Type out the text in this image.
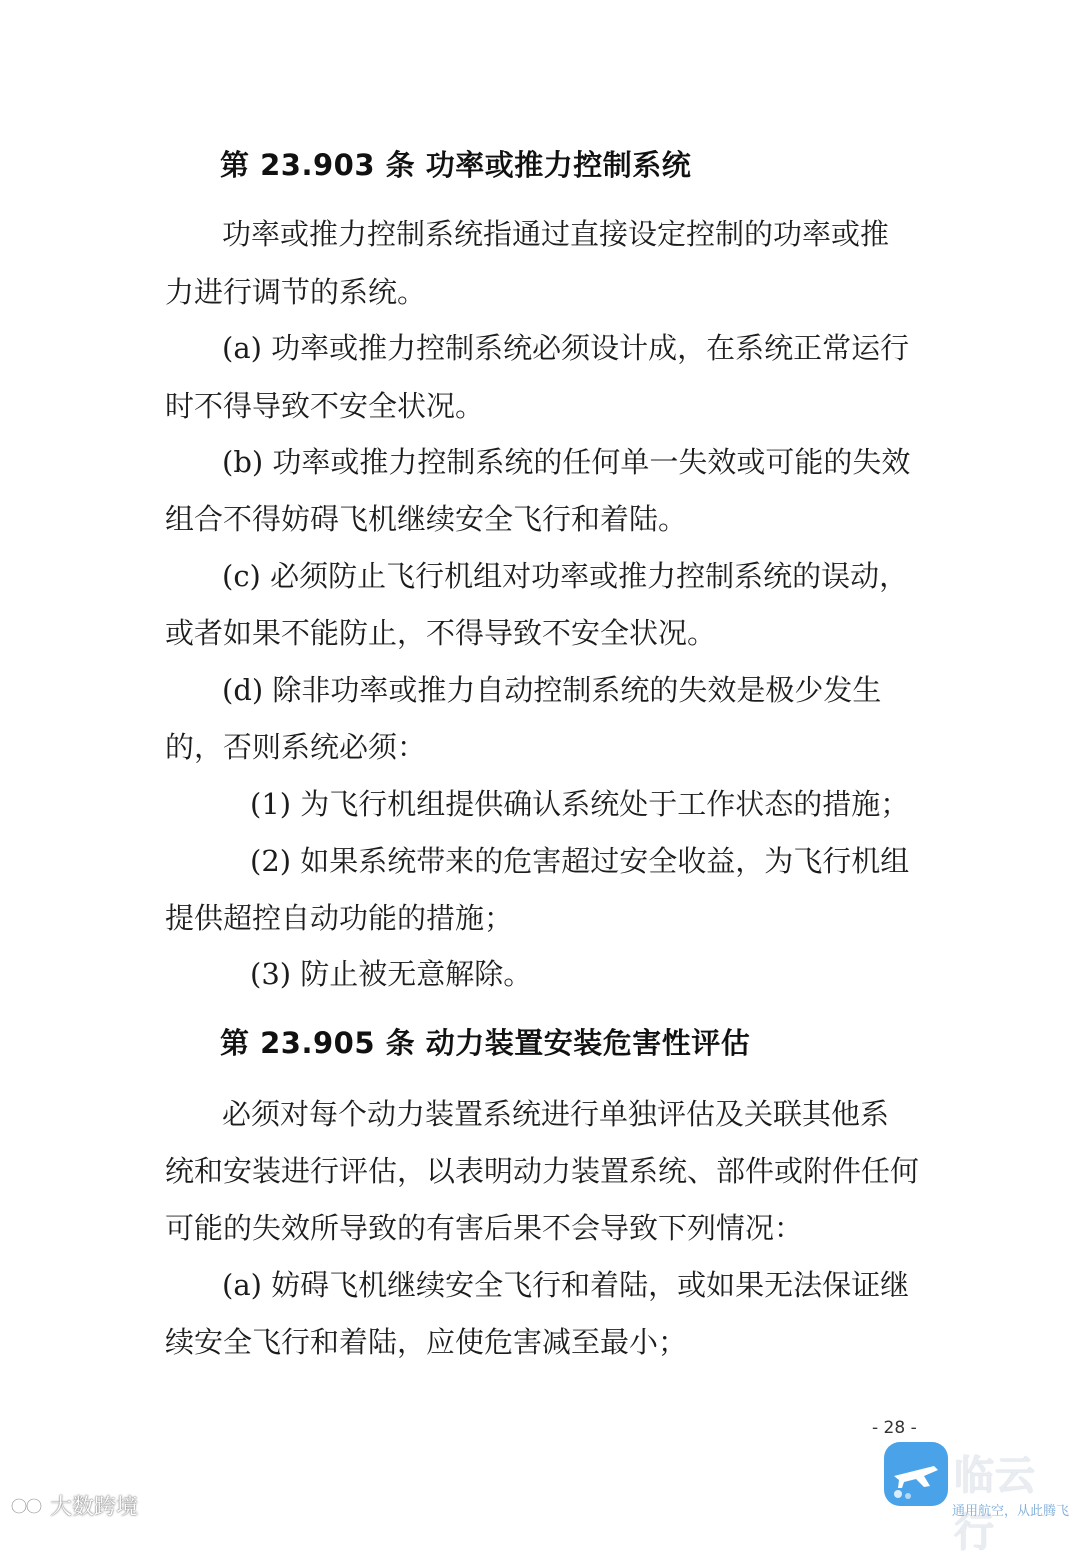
第 23.903 条 功率或推力控制系统
功率或推力控制系统指通过直接设定控制的功率或推
力进行调节的系统。
(a) 功率或推力控制系统必须设计成，在系统正常运行
时不得导致不安全状况。
(b) 功率或推力控制系统的任何单一失效或可能的失效
组合不得妨碍飞机继续安全飞行和着陆。
(c) 必须防止飞行机组对功率或推力控制系统的误动，
或者如果不能防止，不得导致不安全状况。
(d) 除非功率或推力自动控制系统的失效是极少发生
的，否则系统必须：
(1) 为飞行机组提供确认系统处于工作状态的措施；
(2) 如果系统带来的危害超过安全收益，为飞行机组
提供超控自动功能的措施；
(3) 防止被无意解除。
第 23.905 条 动力装置安装危害性评估
必须对每个动力装置系统进行单独评估及关联其他系
统和安装进行评估，以表明动力装置系统、部件或附件任何
可能的失效所导致的有害后果不会导致下列情况：
(a) 妨碍飞机继续安全飞行和着陆，或如果无法保证继
续安全飞行和着陆，应使危害减至最小；
- 28 -
大数跨境
临云行
通用航空，从此腾飞
